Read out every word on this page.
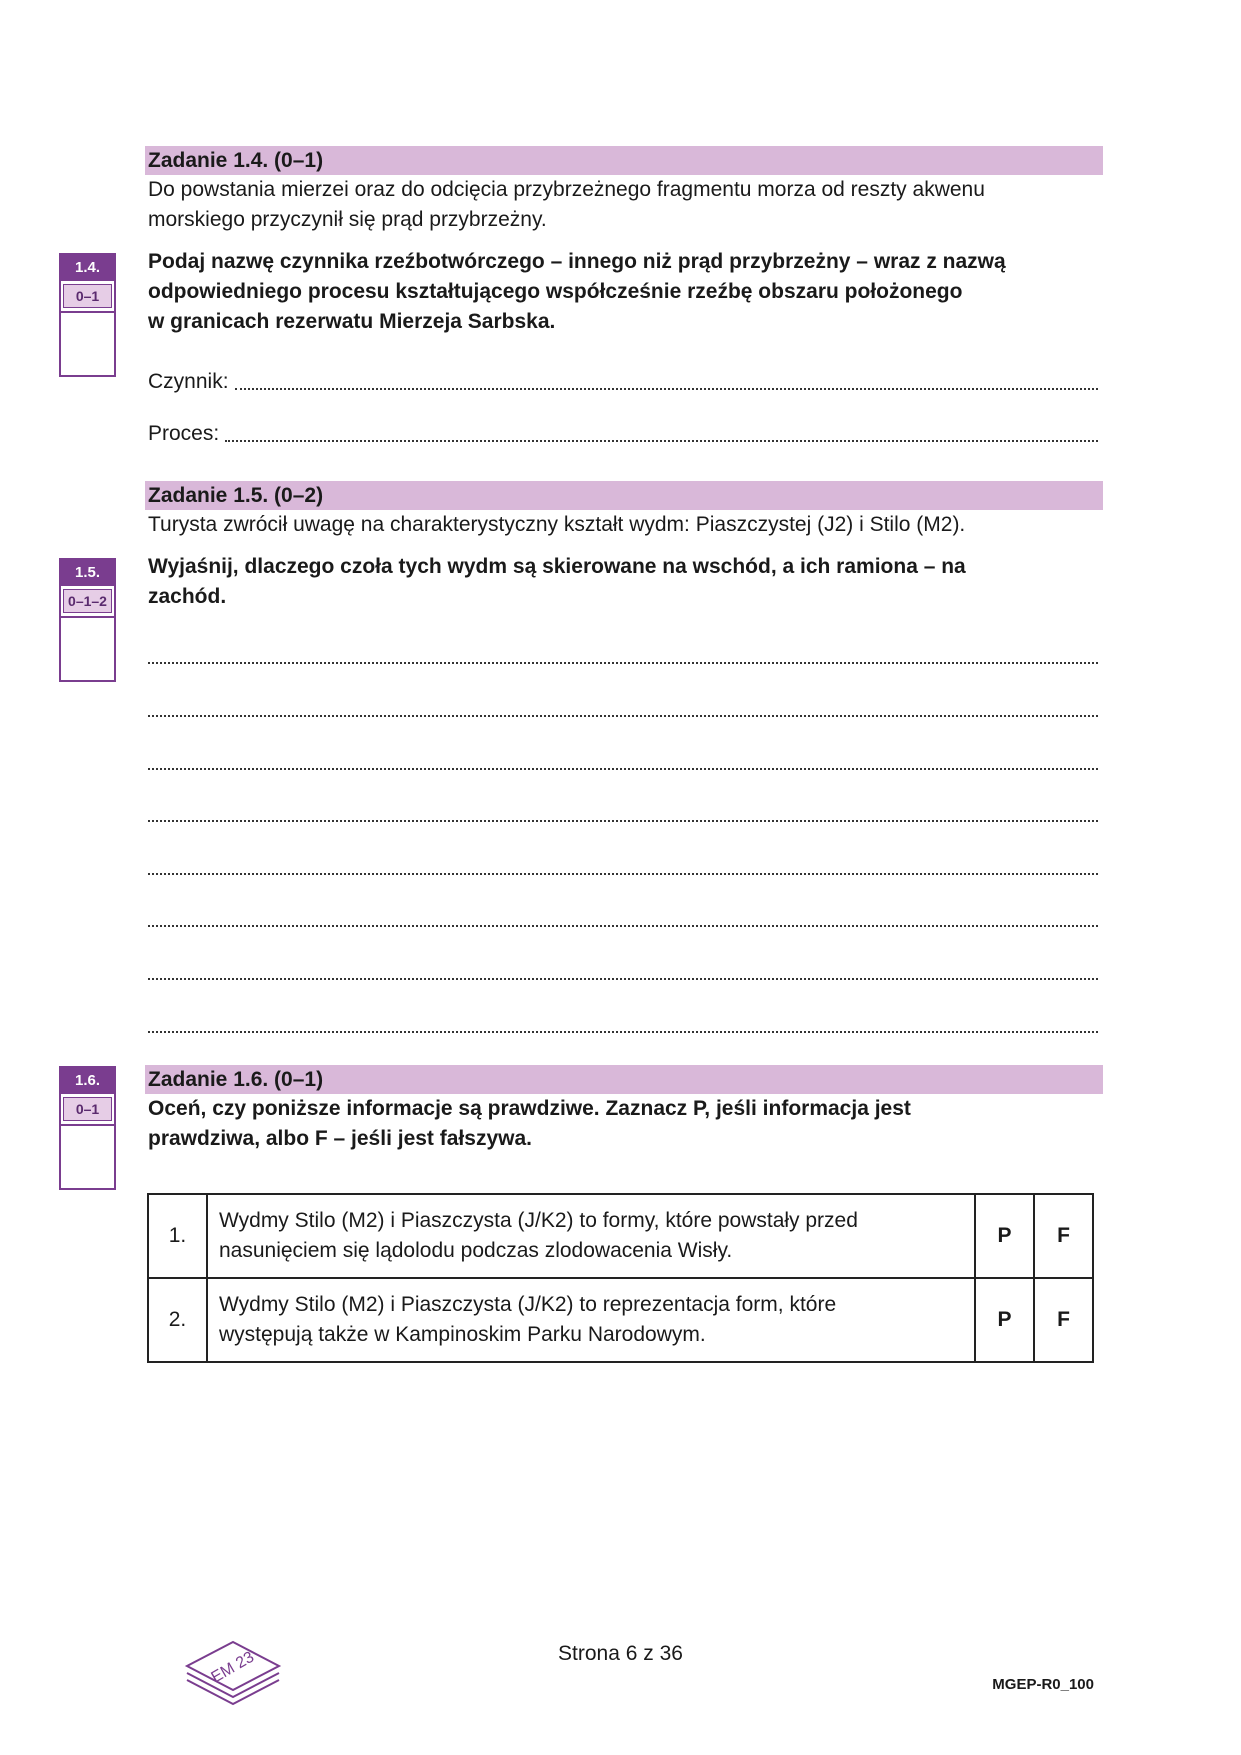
Zadanie 1.4. (0–1)
Do powstania mierzei oraz do odcięcia przybrzeżnego fragmentu morza od reszty akwenu
morskiego przyczynił się prąd przybrzeżny.
1.4.
0–1
Podaj nazwę czynnika rzeźbotwórczego – innego niż prąd przybrzeżny – wraz z nazwą
odpowiedniego procesu kształtującego współcześnie rzeźbę obszaru położonego
w granicach rezerwatu Mierzeja Sarbska.
Czynnik:
Proces:
Zadanie 1.5. (0–2)
Turysta zwrócił uwagę na charakterystyczny kształt wydm: Piaszczystej (J2) i Stilo (M2).
1.5.
0–1–2
Wyjaśnij, dlaczego czoła tych wydm są skierowane na wschód, a ich ramiona – na
zachód.
1.6.
0–1
Zadanie 1.6. (0–1)
Oceń, czy poniższe informacje są prawdziwe. Zaznacz P, jeśli informacja jest
prawdziwa, albo F – jeśli jest fałszywa.
1.	Wydmy Stilo (M2) i Piaszczysta (J/K2) to formy, które powstały przed
nasunięciem się lądolodu podczas zlodowacenia Wisły.	P	F
2.	Wydmy Stilo (M2) i Piaszczysta (J/K2) to reprezentacja form, które
występują także w Kampinoskim Parku Narodowym.	P	F
EM 23	Strona 6 z 36
MGEP-R0_100
